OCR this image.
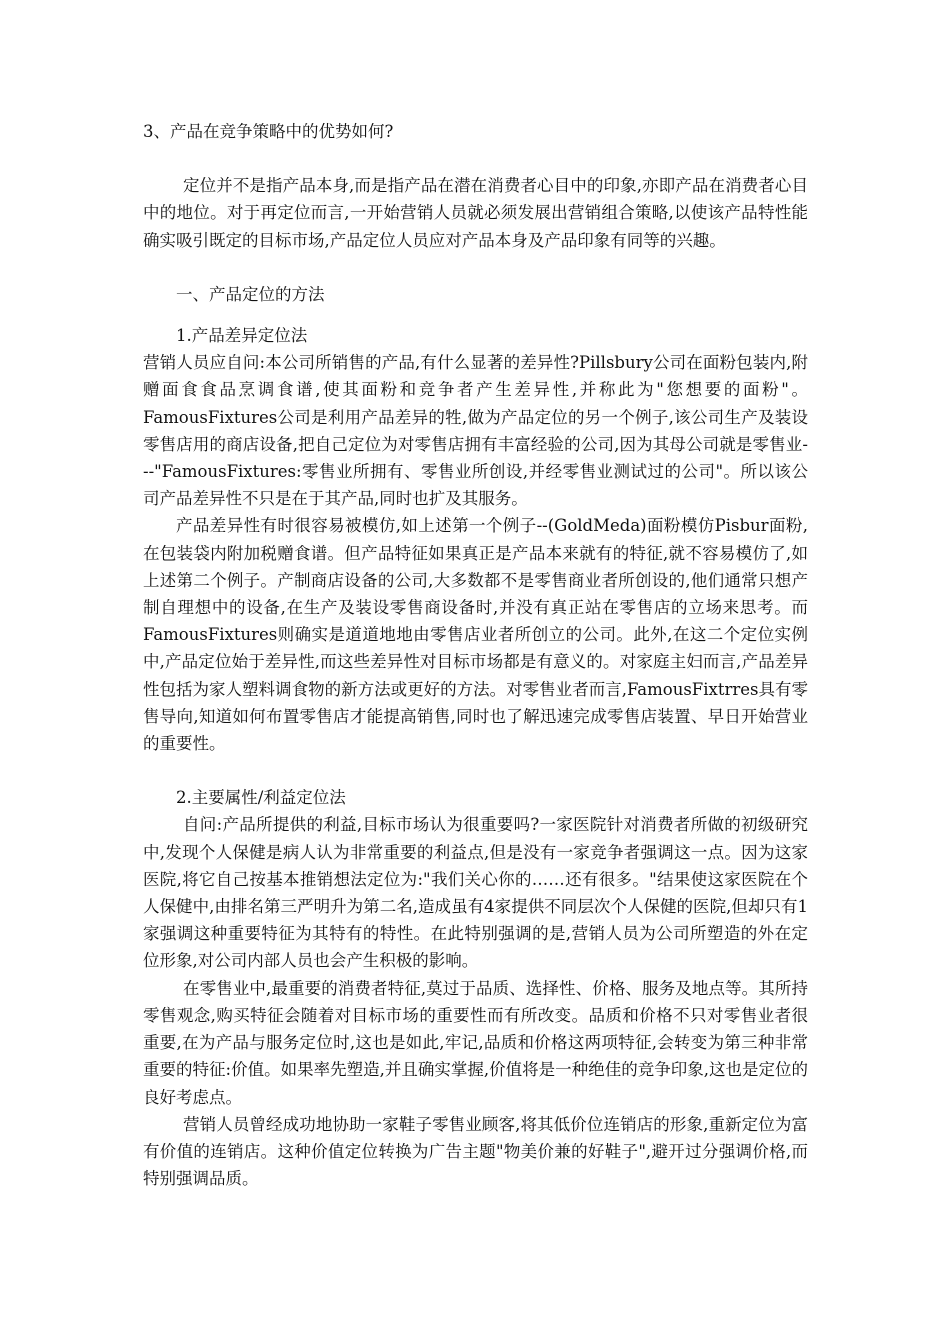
3、产品在竞争策略中的优势如何?

定位并不是指产品本身,而是指产品在潜在消费者心目中的印象,亦即产品在消费者心目中的地位。对于再定位而言,一开始营销人员就必须发展出营销组合策略,以使该产品特性能确实吸引既定的目标市场,产品定位人员应对产品本身及产品印象有同等的兴趣。

一、产品定位的方法

1.产品差异定位法

营销人员应自问:本公司所销售的产品,有什么显著的差异性?Pillsbury公司在面粉包装内,附赠面食食品烹调食谱,使其面粉和竞争者产生差异性,并称此为"您想要的面粉"。FamousFixtures公司是利用产品差异的牲,做为产品定位的另一个例子,该公司生产及装设零售店用的商店设备,把自己定位为对零售店拥有丰富经验的公司,因为其母公司就是零售业---"FamousFixtures:零售业所拥有、零售业所创设,并经零售业测试过的公司"。所以该公司产品差异性不只是在于其产品,同时也扩及其服务。

产品差异性有时很容易被模仿,如上述第一个例子--(GoldMeda)面粉模仿Pisbur面粉,在包装袋内附加税赠食谱。但产品特征如果真正是产品本来就有的特征,就不容易模仿了,如上述第二个例子。产制商店设备的公司,大多数都不是零售商业者所创设的,他们通常只想产制自理想中的设备,在生产及装设零售商设备时,并没有真正站在零售店的立场来思考。而FamousFixtures则确实是道道地地由零售店业者所创立的公司。此外,在这二个定位实例中,产品定位始于差异性,而这些差异性对目标市场都是有意义的。对家庭主妇而言,产品差异性包括为家人塑料调食物的新方法或更好的方法。对零售业者而言,FamousFixtrres具有零售导向,知道如何布置零售店才能提高销售,同时也了解迅速完成零售店装置、早日开始营业的重要性。

2.主要属性/利益定位法

自问:产品所提供的利益,目标市场认为很重要吗?一家医院针对消费者所做的初级研究中,发现个人保健是病人认为非常重要的利益点,但是没有一家竞争者强调这一点。因为这家医院,将它自己按基本推销想法定位为:"我们关心你的……还有很多。"结果使这家医院在个人保健中,由排名第三严明升为第二名,造成虽有4家提供不同层次个人保健的医院,但却只有1家强调这种重要特征为其特有的特性。在此特别强调的是,营销人员为公司所塑造的外在定位形象,对公司内部人员也会产生积极的影响。

在零售业中,最重要的消费者特征,莫过于品质、选择性、价格、服务及地点等。其所持零售观念,购买特征会随着对目标市场的重要性而有所改变。品质和价格不只对零售业者很重要,在为产品与服务定位时,这也是如此,牢记,品质和价格这两项特征,会转变为第三种非常重要的特征:价值。如果率先塑造,并且确实掌握,价值将是一种绝佳的竞争印象,这也是定位的良好考虑点。

营销人员曾经成功地协助一家鞋子零售业顾客,将其低价位连销店的形象,重新定位为富有价值的连销店。这种价值定位转换为广告主题"物美价兼的好鞋子",避开过分强调价格,而特别强调品质。
